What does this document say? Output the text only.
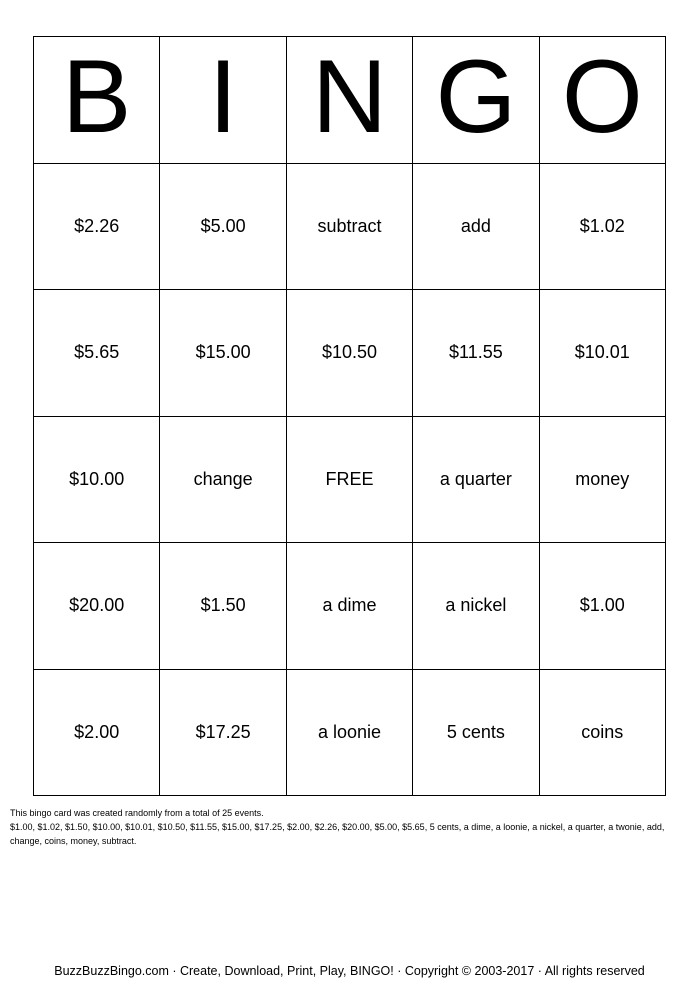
B I N G O
$2.26	$5.00	subtract	add	$1.02
$5.65	$15.00	$10.50	$11.55	$10.01
$10.00	change	FREE	a quarter	money
$20.00	$1.50	a dime	a nickel	$1.00
$2.00	$17.25	a loonie	5 cents	coins

This bingo card was created randomly from a total of 25 events.

$1.00, $1.02, $1.50, $10.00, $10.01, $10.50, $11.55, $15.00, $17.25, $2.00, $2.26, $20.00, $5.00, $5.65, 5 cents, a dime, a loonie, a nickel, a quarter, a twonie, add, change, coins, money, subtract.

BuzzBuzzBingo.com · Create, Download, Print, Play, BINGO! · Copyright © 2003-2017 · All rights reserved
